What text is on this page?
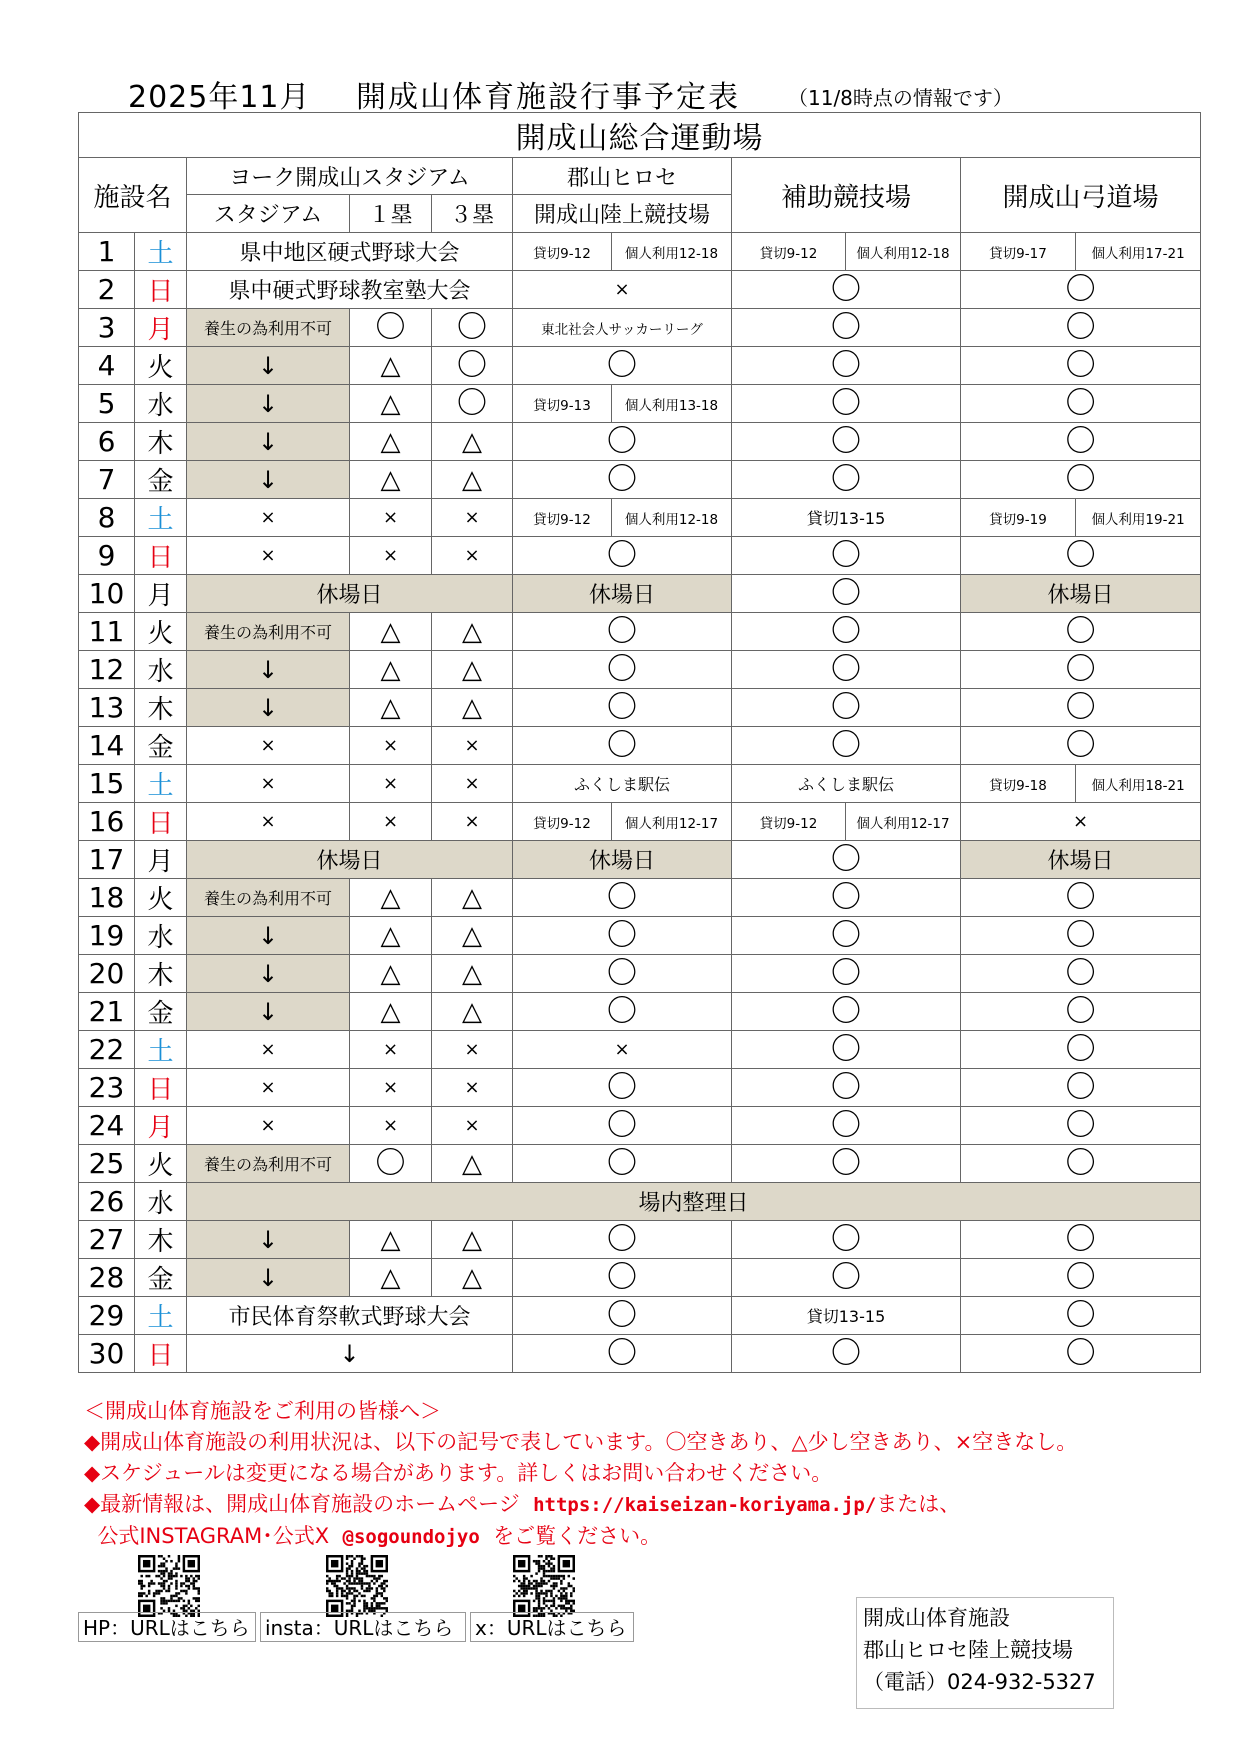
2025年11月 開成山体育施設行事予定表 （11/8時点の情報です）
開成山総合運動場										
施設名		ヨーク開成山スタジアム			郡山ヒロセ		補助競技場		開成山弓道場	
		スタジアム	１塁	３塁	開成山陸上競技場					
1	土	県中地区硬式野球大会			貸切9-12	個人利用12-18	貸切9-12	個人利用12-18	貸切9-17	個人利用17-21
2	日	県中硬式野球教室塾大会			×		〇		〇	
3	月	養生の為利用不可	〇	〇	東北社会人サッカーリーグ		〇		〇	
4	火	↓	△	〇	〇		〇		〇	
5	水	↓	△	〇	貸切9-13	個人利用13-18	〇		〇	
6	木	↓	△	△	〇		〇		〇	
7	金	↓	△	△	〇		〇		〇	
8	土	×	×	×	貸切9-12	個人利用12-18	貸切13-15		貸切9-19	個人利用19-21
9	日	×	×	×	〇		〇		〇	
10	月	休場日			休場日		〇		休場日	
11	火	養生の為利用不可	△	△	〇		〇		〇	
12	水	↓	△	△	〇		〇		〇	
13	木	↓	△	△	〇		〇		〇	
14	金	×	×	×	〇		〇		〇	
15	土	×	×	×	ふくしま駅伝		ふくしま駅伝		貸切9-18	個人利用18-21
16	日	×	×	×	貸切9-12	個人利用12-17	貸切9-12	個人利用12-17	×	
17	月	休場日			休場日		〇		休場日	
18	火	養生の為利用不可	△	△	〇		〇		〇	
19	水	↓	△	△	〇		〇		〇	
20	木	↓	△	△	〇		〇		〇	
21	金	↓	△	△	〇		〇		〇	
22	土	×	×	×	×		〇		〇	
23	日	×	×	×	〇		〇		〇	
24	月	×	×	×	〇		〇		〇	
25	火	養生の為利用不可	〇	△	〇		〇		〇	
26	水	場内整理日								
27	木	↓	△	△	〇		〇		〇	
28	金	↓	△	△	〇		〇		〇	
29	土	市民体育祭軟式野球大会			〇		貸切13-15		〇	
30	日	↓			〇		〇		〇	
＜開成山体育施設をご利用の皆様へ＞
◆開成山体育施設の利用状況は、以下の記号で表しています。〇空きあり、△少し空きあり、×空きなし。
◆スケジュールは変更になる場合があります。詳しくはお問い合わせください。
◆最新情報は、開成山体育施設のホームページ https://kaiseizan-koriyama.jp/または、
公式INSTAGRAM･公式X @sogoundojyo をご覧ください。
HP：URLはこちら insta：URLはこちら	x：URLはこちら	開成山体育施設
郡山ヒロセ陸上競技場
（電話）024-932-5327
